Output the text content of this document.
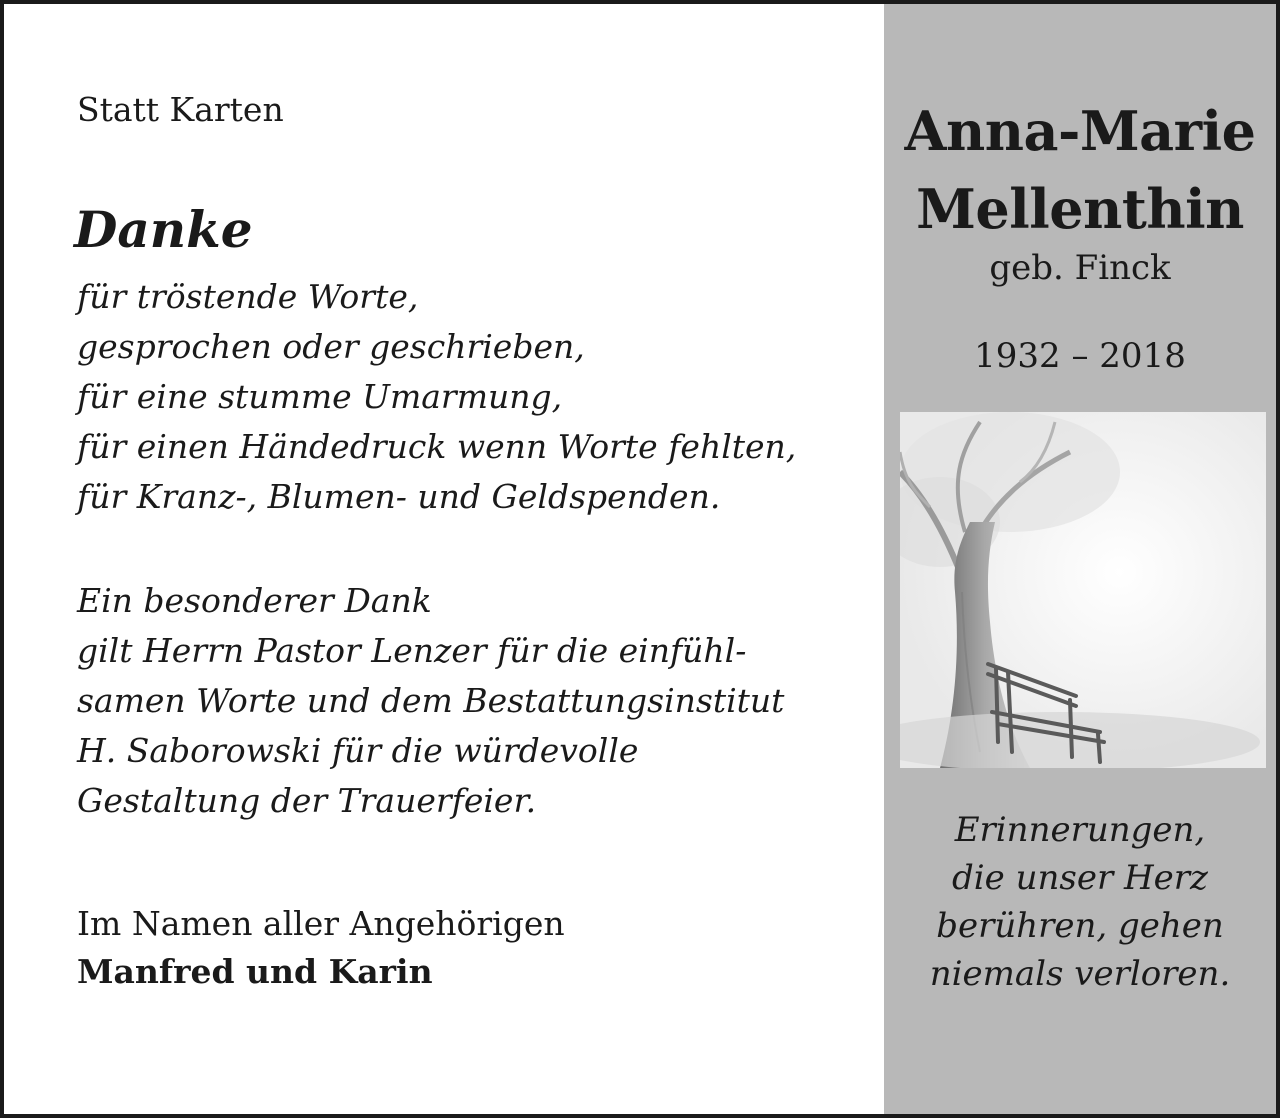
Statt Karten
Danke
für tröstende Worte,
gesprochen oder geschrieben,
für eine stumme Umarmung,
für einen Händedruck wenn Worte fehlten,
für Kranz-, Blumen- und Geldspenden.
Ein besonderer Dank
gilt Herrn Pastor Lenzer für die einfühl-
samen Worte und dem Bestattungsinstitut
H. Saborowski für die würdevolle
Gestaltung der Trauerfeier.
Im Namen aller Angehörigen
Manfred und Karin
Anna-Marie
Mellenthin
geb. Finck
1932 – 2018
Erinnerungen,
die unser Herz
berühren, gehen
niemals verloren.
